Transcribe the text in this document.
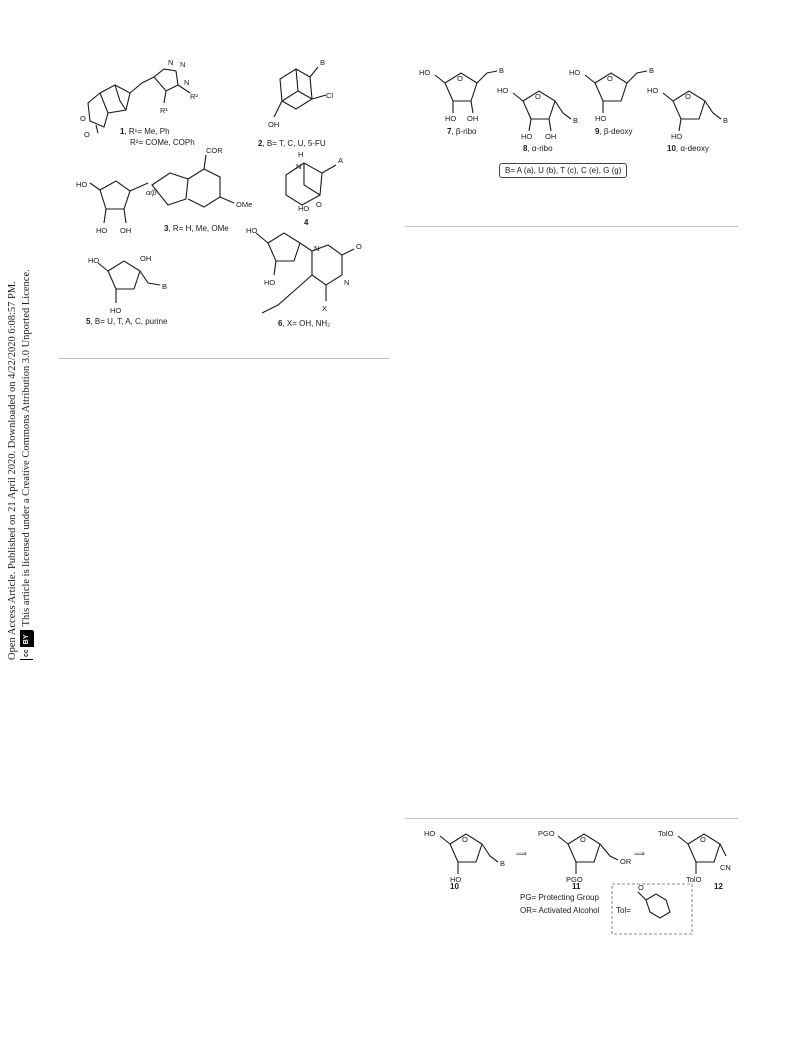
Open Access Article. Published on 21 April 2020. Downloaded on 4/22/2020 6:08:57 PM. cc
BY
This article is licensed under a Creative Commons Attribution 3.0 Unported Licence.
N N
N
R¹
R²
O
O
B
Cl
OH
COR
OMe
HO
HO OH
α/β
H
N
A
HO O
HO	OH
HO
B
HO
HO
N
N
O
X
1, R¹= Me, Ph
R²= COMe, COPh	2, B= T, C, U, 5-FU
3, R= H, Me, OMe
4
5, B= U, T, A, C, purine	6, X= OH, NH₂
HO
O
B
HO OH
HO
O
B
HO OH
HO
O
B
HO
HO
O
B
HO
7, β-ribo
8, α-ribo
9, β-deoxy
10, α-deoxy
B= A (a), U (b), T (c), C (e), G (g)
HO
O
B
HO
⟹
PGO
O
OR
PGO
⟹
TolO
O
CN
TolO
O
10	11	12
PG= Protecting Group
OR= Activated Alcohol Tol=
